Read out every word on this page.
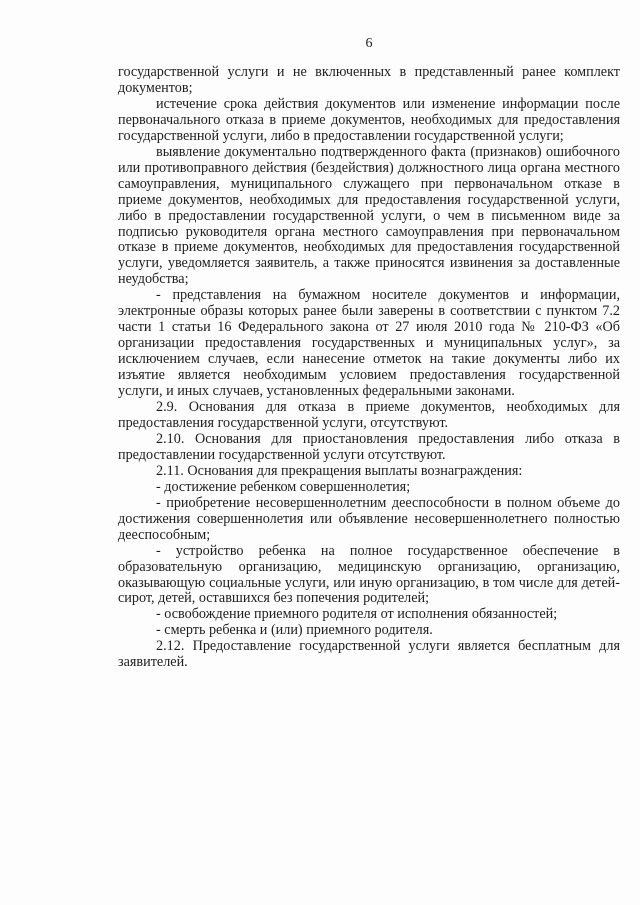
6

государственной услуги и не включенных в представленный ранее комплект документов;

истечение срока действия документов или изменение информации после первоначального отказа в приеме документов, необходимых для предоставления государственной услуги, либо в предоставлении государственной услуги;

выявление документально подтвержденного факта (признаков) ошибочного или противоправного действия (бездействия) должностного лица органа местного самоуправления, муниципального служащего при первоначальном отказе в приеме документов, необходимых для предоставления государственной услуги, либо в предоставлении государственной услуги, о чем в письменном виде за подписью руководителя органа местного самоуправления при первоначальном отказе в приеме документов, необходимых для предоставления государственной услуги, уведомляется заявитель, а также приносятся извинения за доставленные неудобства;

- представления на бумажном носителе документов и информации, электронные образы которых ранее были заверены в соответствии с пунктом 7.2 части 1 статьи 16 Федерального закона от 27 июля 2010 года № 210-ФЗ «Об организации предоставления государственных и муниципальных услуг», за исключением случаев, если нанесение отметок на такие документы либо их изъятие является необходимым условием предоставления государственной услуги, и иных случаев, установленных федеральными законами.

2.9. Основания для отказа в приеме документов, необходимых для предоставления государственной услуги, отсутствуют.

2.10. Основания для приостановления предоставления либо отказа в предоставлении государственной услуги отсутствуют.

2.11. Основания для прекращения выплаты вознаграждения:

- достижение ребенком совершеннолетия;

- приобретение несовершеннолетним дееспособности в полном объеме до достижения совершеннолетия или объявление несовершеннолетнего полностью дееспособным;

- устройство ребенка на полное государственное обеспечение в образовательную организацию, медицинскую организацию, организацию, оказывающую социальные услуги, или иную организацию, в том числе для детей-сирот, детей, оставшихся без попечения родителей;

- освобождение приемного родителя от исполнения обязанностей;

- смерть ребенка и (или) приемного родителя.

2.12. Предоставление государственной услуги является бесплатным для заявителей.
